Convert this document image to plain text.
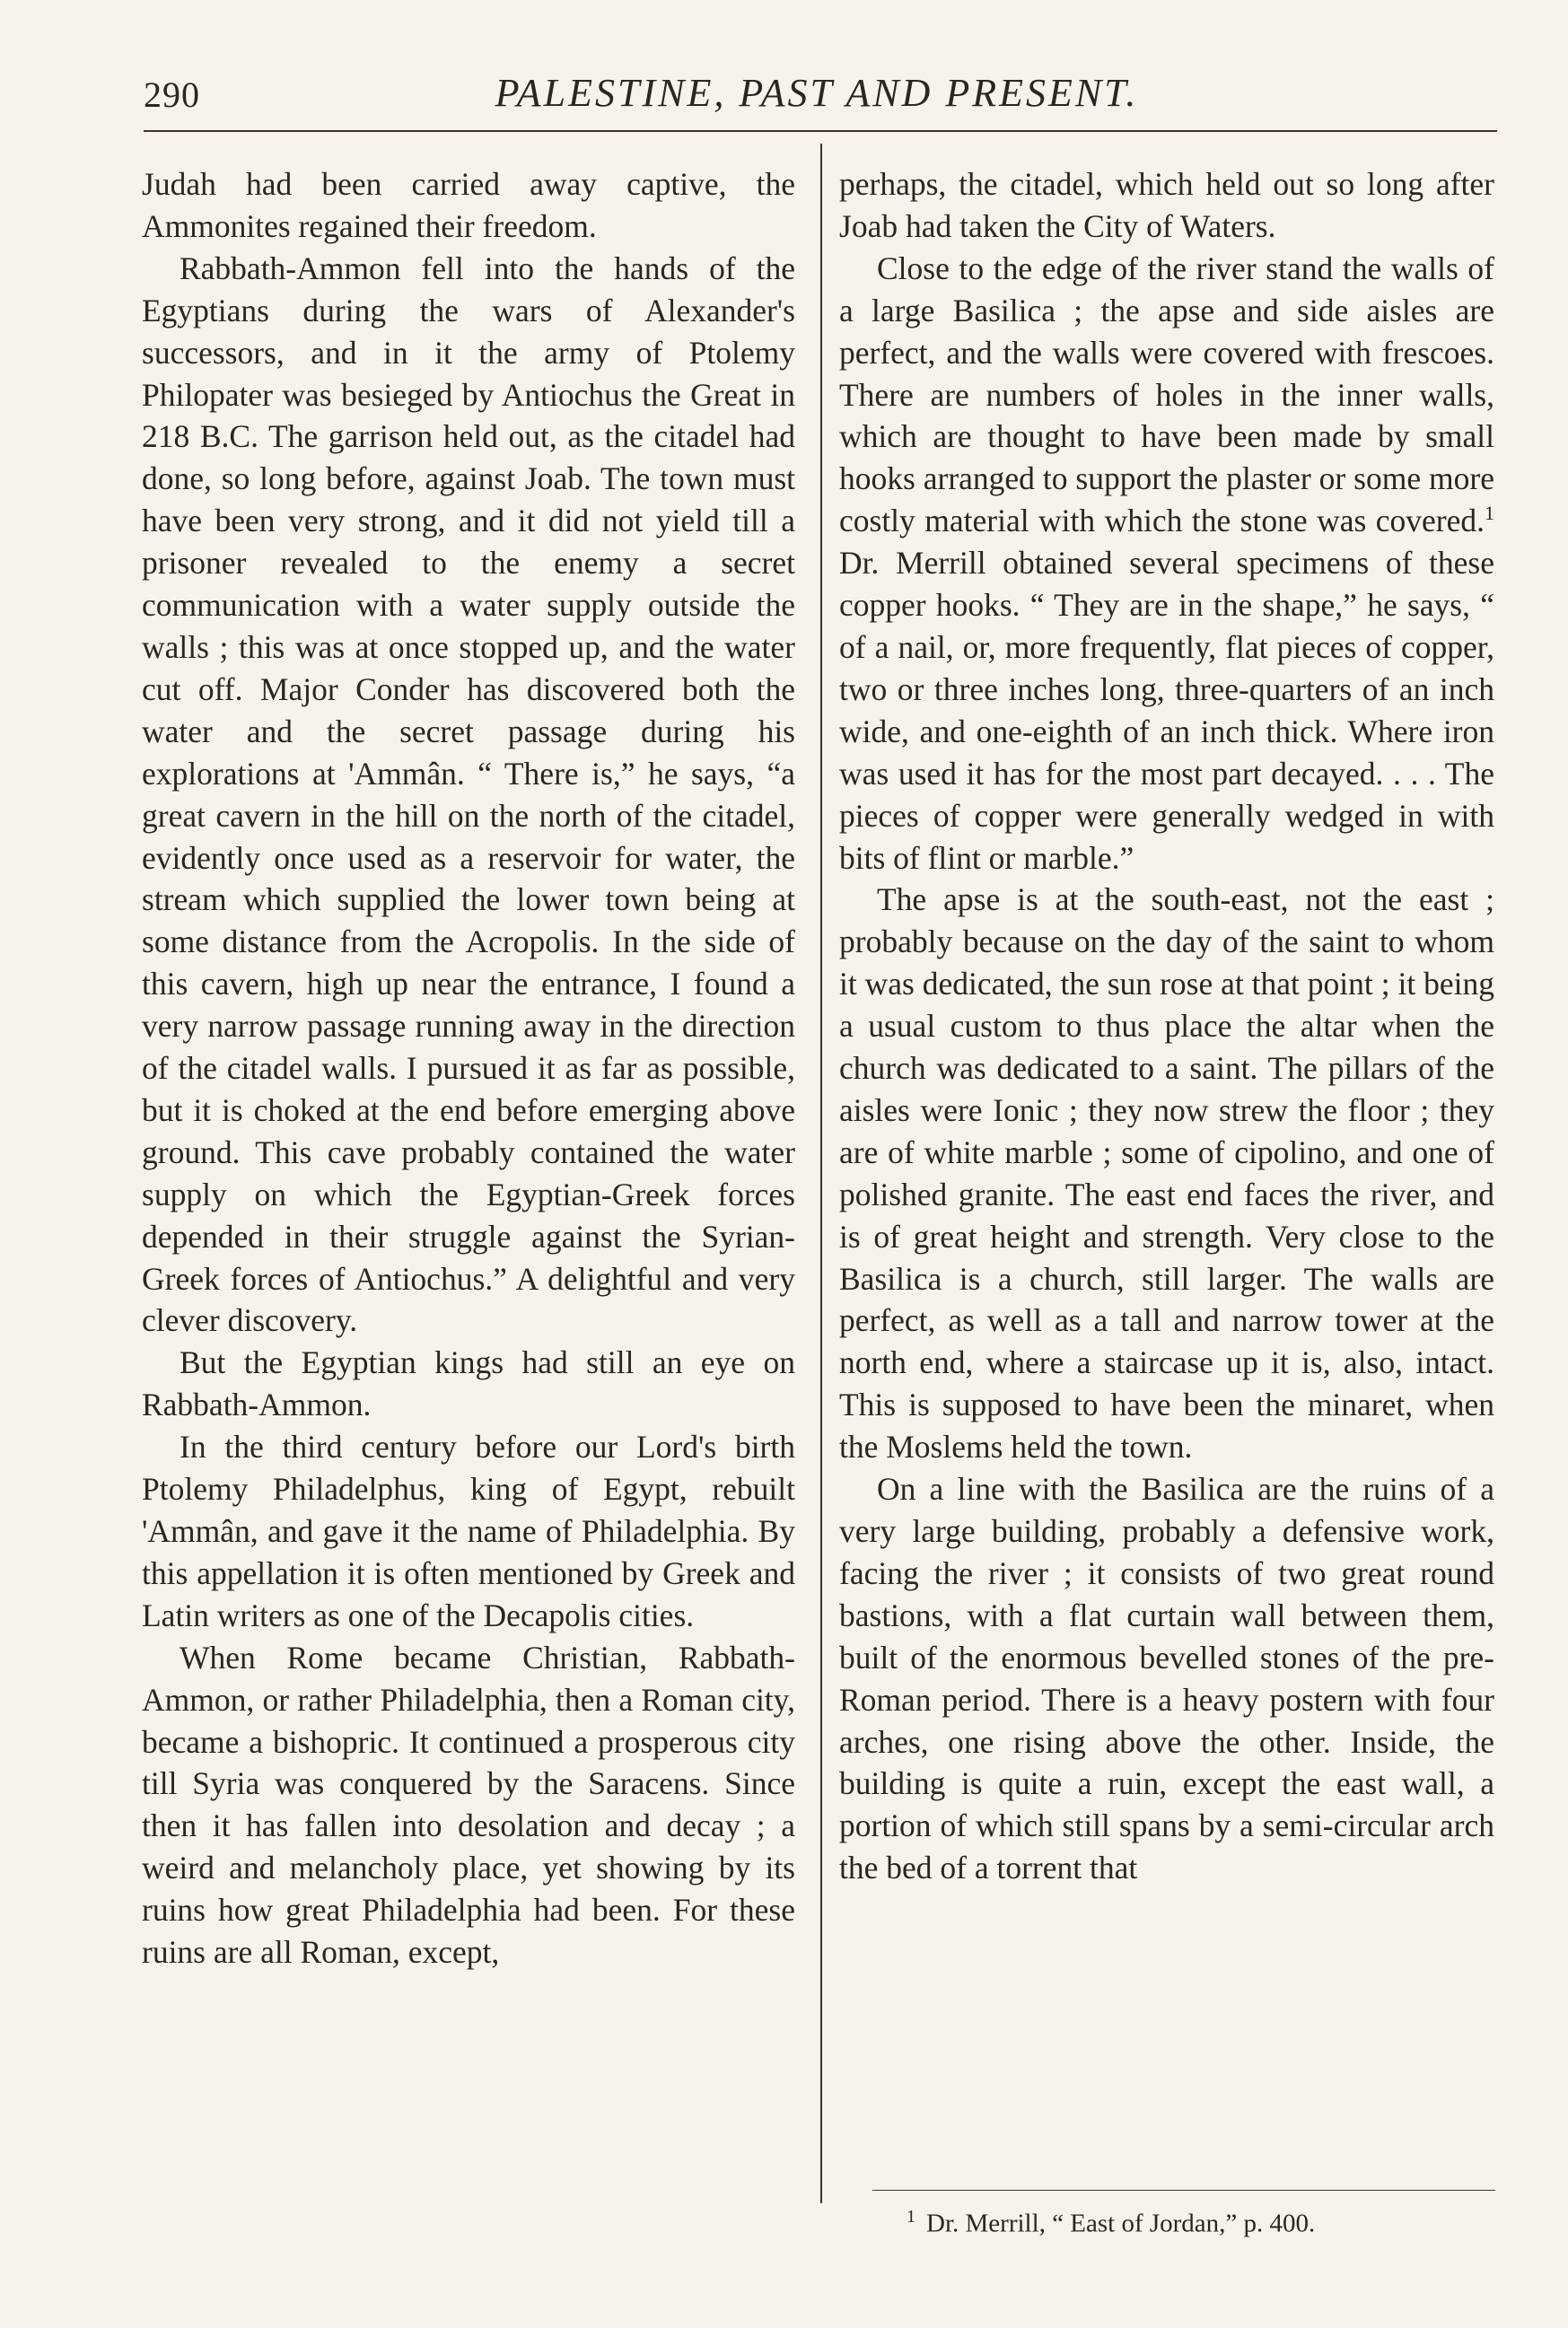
290	PALESTINE, PAST AND PRESENT.

Judah had been carried away captive, the Ammonites regained their freedom.

Rabbath-Ammon fell into the hands of the Egyptians during the wars of Alexander's successors, and in it the army of Ptolemy Philopater was besieged by Antiochus the Great in 218 B.C. The garrison held out, as the citadel had done, so long before, against Joab. The town must have been very strong, and it did not yield till a prisoner revealed to the enemy a secret communication with a water supply outside the walls ; this was at once stopped up, and the water cut off. Major Conder has discovered both the water and the secret passage during his explorations at 'Ammân. “ There is,” he says, “a great cavern in the hill on the north of the citadel, evidently once used as a reservoir for water, the stream which supplied the lower town being at some distance from the Acropolis. In the side of this cavern, high up near the entrance, I found a very narrow passage running away in the direction of the citadel walls. I pursued it as far as possible, but it is choked at the end before emerging above ground. This cave probably contained the water supply on which the Egyptian-Greek forces depended in their struggle against the Syrian-Greek forces of Antiochus.” A delightful and very clever discovery.

But the Egyptian kings had still an eye on Rabbath-Ammon.

In the third century before our Lord's birth Ptolemy Philadelphus, king of Egypt, rebuilt 'Ammân, and gave it the name of Philadelphia. By this appellation it is often mentioned by Greek and Latin writers as one of the Decapolis cities.

When Rome became Christian, Rabbath-Ammon, or rather Philadelphia, then a Roman city, became a bishopric. It continued a prosperous city till Syria was conquered by the Saracens. Since then it has fallen into desolation and decay ; a weird and melancholy place, yet showing by its ruins how great Philadelphia had been. For these ruins are all Roman, except,

perhaps, the citadel, which held out so long after Joab had taken the City of Waters.

Close to the edge of the river stand the walls of a large Basilica ; the apse and side aisles are perfect, and the walls were covered with frescoes. There are numbers of holes in the inner walls, which are thought to have been made by small hooks arranged to support the plaster or some more costly material with which the stone was covered.$^1$ Dr. Merrill obtained several specimens of these copper hooks. “ They are in the shape,” he says, “ of a nail, or, more frequently, flat pieces of copper, two or three inches long, three-quarters of an inch wide, and one-eighth of an inch thick. Where iron was used it has for the most part decayed. . . . The pieces of copper were generally wedged in with bits of flint or marble.”

The apse is at the south-east, not the east ; probably because on the day of the saint to whom it was dedicated, the sun rose at that point ; it being a usual custom to thus place the altar when the church was dedicated to a saint. The pillars of the aisles were Ionic ; they now strew the floor ; they are of white marble ; some of cipolino, and one of polished granite. The east end faces the river, and is of great height and strength. Very close to the Basilica is a church, still larger. The walls are perfect, as well as a tall and narrow tower at the north end, where a staircase up it is, also, intact. This is supposed to have been the minaret, when the Moslems held the town.

On a line with the Basilica are the ruins of a very large building, probably a defensive work, facing the river ; it consists of two great round bastions, with a flat curtain wall between them, built of the enormous bevelled stones of the pre-Roman period. There is a heavy postern with four arches, one rising above the other. Inside, the building is quite a ruin, except the east wall, a portion of which still spans by a semi-circular arch the bed of a torrent that

$^1$ Dr. Merrill, “ East of Jordan,” p. 400.
